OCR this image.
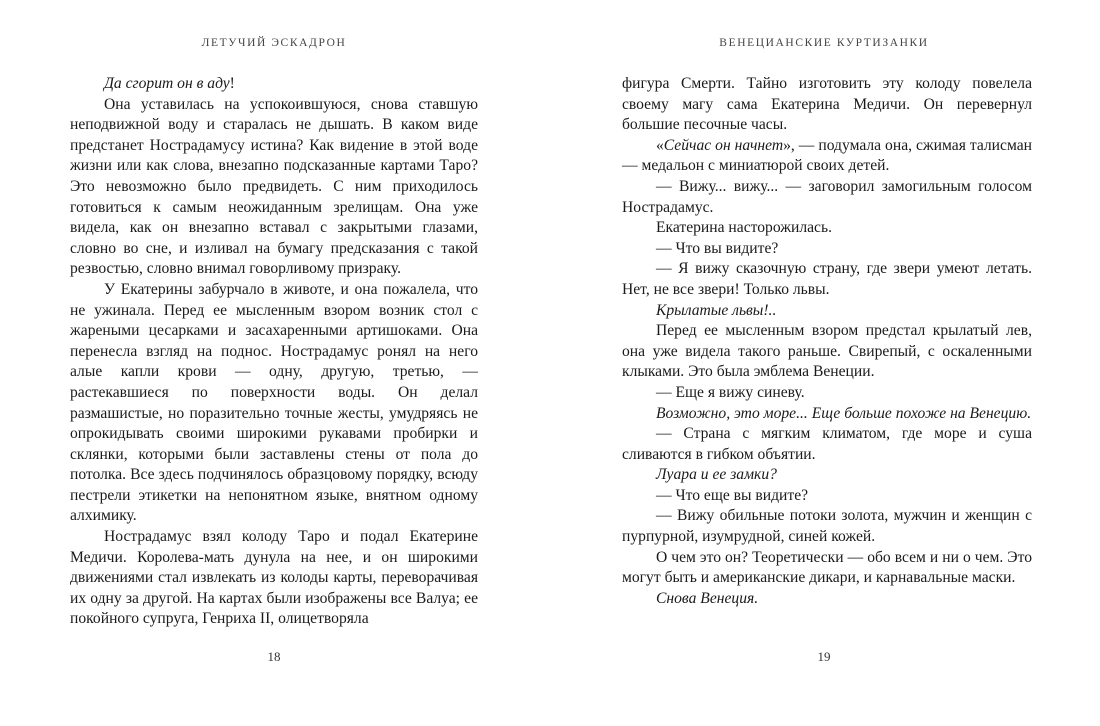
ЛЕТУЧИЙ ЭСКАДРОН

Да сгорит он в аду!

Она уставилась на успокоившуюся, снова ставшую неподвижной воду и старалась не дышать. В каком виде предстанет Нострадамусу истина? Как видение в этой воде жизни или как слова, внезапно подсказанные картами Таро? Это невозможно было предвидеть. С ним приходилось готовиться к самым неожиданным зрелищам. Она уже видела, как он внезапно вставал с закрытыми глазами, словно во сне, и изливал на бумагу предсказания с такой резвостью, словно внимал говорливому призраку.

У Екатерины забурчало в животе, и она пожалела, что не ужинала. Перед ее мысленным взором возник стол с жареными цесарками и засахаренными артишоками. Она перенесла взгляд на поднос. Нострадамус ронял на него алые капли крови — одну, другую, третью, — растекавшиеся по поверхности воды. Он делал размашистые, но поразительно точные жесты, умудряясь не опрокидывать своими широкими рукавами пробирки и склянки, которыми были заставлены стены от пола до потолка. Все здесь подчинялось образцовому порядку, всюду пестрели этикетки на непонятном языке, внятном одному алхимику.

Нострадамус взял колоду Таро и подал Екатерине Медичи. Королева-мать дунула на нее, и он широкими движениями стал извлекать из колоды карты, переворачивая их одну за другой. На картах были изображены все Валуа; ее покойного супруга, Генриха II, олицетворяла

18
ВЕНЕЦИАНСКИЕ КУРТИЗАНКИ

фигура Смерти. Тайно изготовить эту колоду повелела своему магу сама Екатерина Медичи. Он перевернул большие песочные часы.

«Сейчас он начнет», — подумала она, сжимая талисман — медальон с миниатюрой своих детей.

— Вижу... вижу... — заговорил замогильным голосом Нострадамус.

Екатерина насторожилась.

— Что вы видите?

— Я вижу сказочную страну, где звери умеют летать. Нет, не все звери! Только львы.

Крылатые львы!..

Перед ее мысленным взором предстал крылатый лев, она уже видела такого раньше. Свирепый, с оскаленными клыками. Это была эмблема Венеции.

— Еще я вижу синеву.

Возможно, это море... Еще больше похоже на Венецию.

— Страна с мягким климатом, где море и суша сливаются в гибком объятии.

Луара и ее замки?

— Что еще вы видите?

— Вижу обильные потоки золота, мужчин и женщин с пурпурной, изумрудной, синей кожей.

О чем это он? Теоретически — обо всем и ни о чем. Это могут быть и американские дикари, и карнавальные маски.

Снова Венеция.

19
